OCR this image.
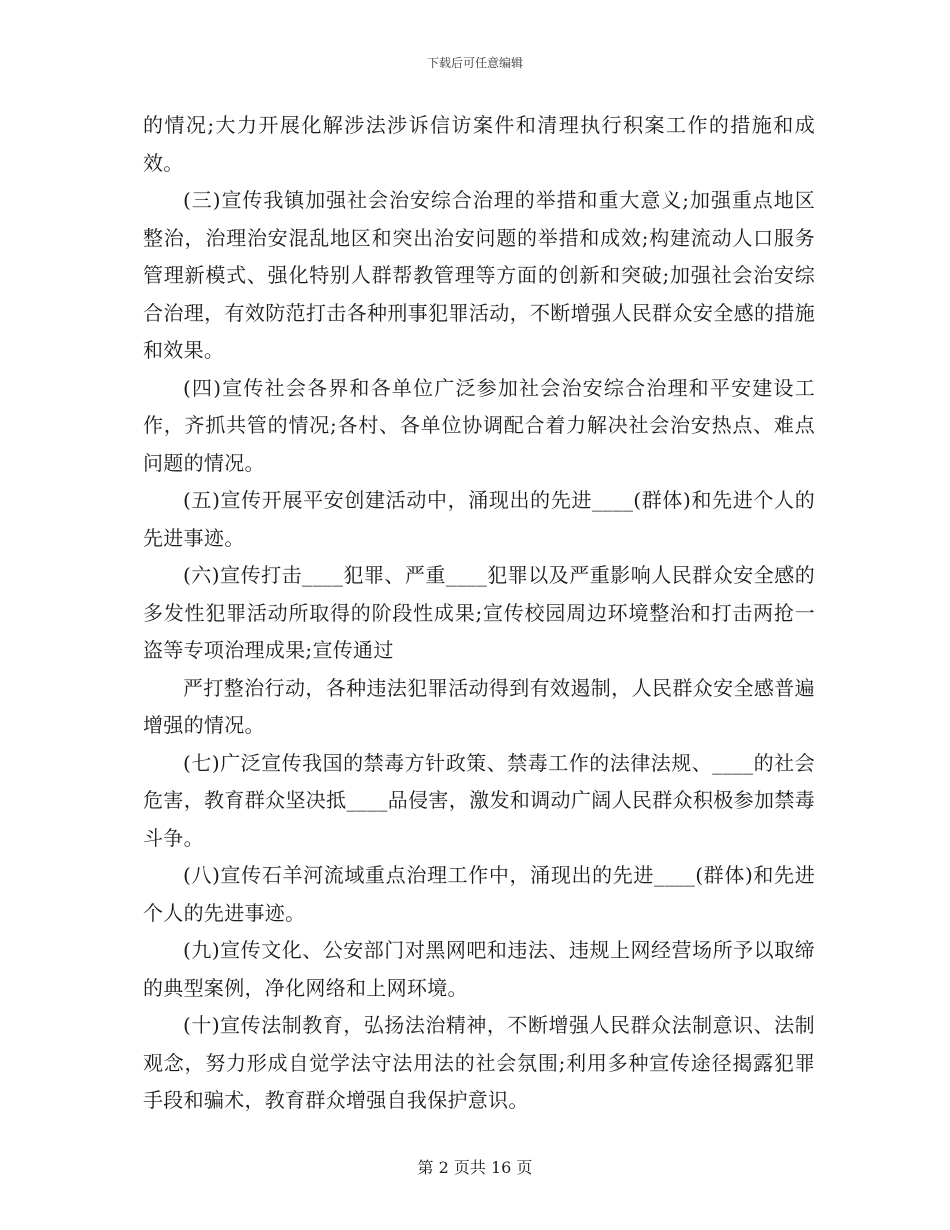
下载后可任意编辑

的情况;大力开展化解涉法涉诉信访案件和清理执行积案工作的措施和成效。

(三)宣传我镇加强社会治安综合治理的举措和重大意义;加强重点地区整治，治理治安混乱地区和突出治安问题的举措和成效;构建流动人口服务管理新模式、强化特别人群帮教管理等方面的创新和突破;加强社会治安综合治理，有效防范打击各种刑事犯罪活动，不断增强人民群众安全感的措施和效果。

(四)宣传社会各界和各单位广泛参加社会治安综合治理和平安建设工作，齐抓共管的情况;各村、各单位协调配合着力解决社会治安热点、难点问题的情况。

(五)宣传开展平安创建活动中，涌现出的先进____(群体)和先进个人的先进事迹。

(六)宣传打击____犯罪、严重____犯罪以及严重影响人民群众安全感的多发性犯罪活动所取得的阶段性成果;宣传校园周边环境整治和打击两抢一盗等专项治理成果;宣传通过

严打整治行动，各种违法犯罪活动得到有效遏制，人民群众安全感普遍增强的情况。

(七)广泛宣传我国的禁毒方针政策、禁毒工作的法律法规、____的社会危害，教育群众坚决抵____品侵害，激发和调动广阔人民群众积极参加禁毒斗争。

(八)宣传石羊河流域重点治理工作中，涌现出的先进____(群体)和先进个人的先进事迹。

(九)宣传文化、公安部门对黑网吧和违法、违规上网经营场所予以取缔的典型案例，净化网络和上网环境。

(十)宣传法制教育，弘扬法治精神，不断增强人民群众法制意识、法制观念，努力形成自觉学法守法用法的社会氛围;利用多种宣传途径揭露犯罪手段和骗术，教育群众增强自我保护意识。

第 2 页共 16 页
